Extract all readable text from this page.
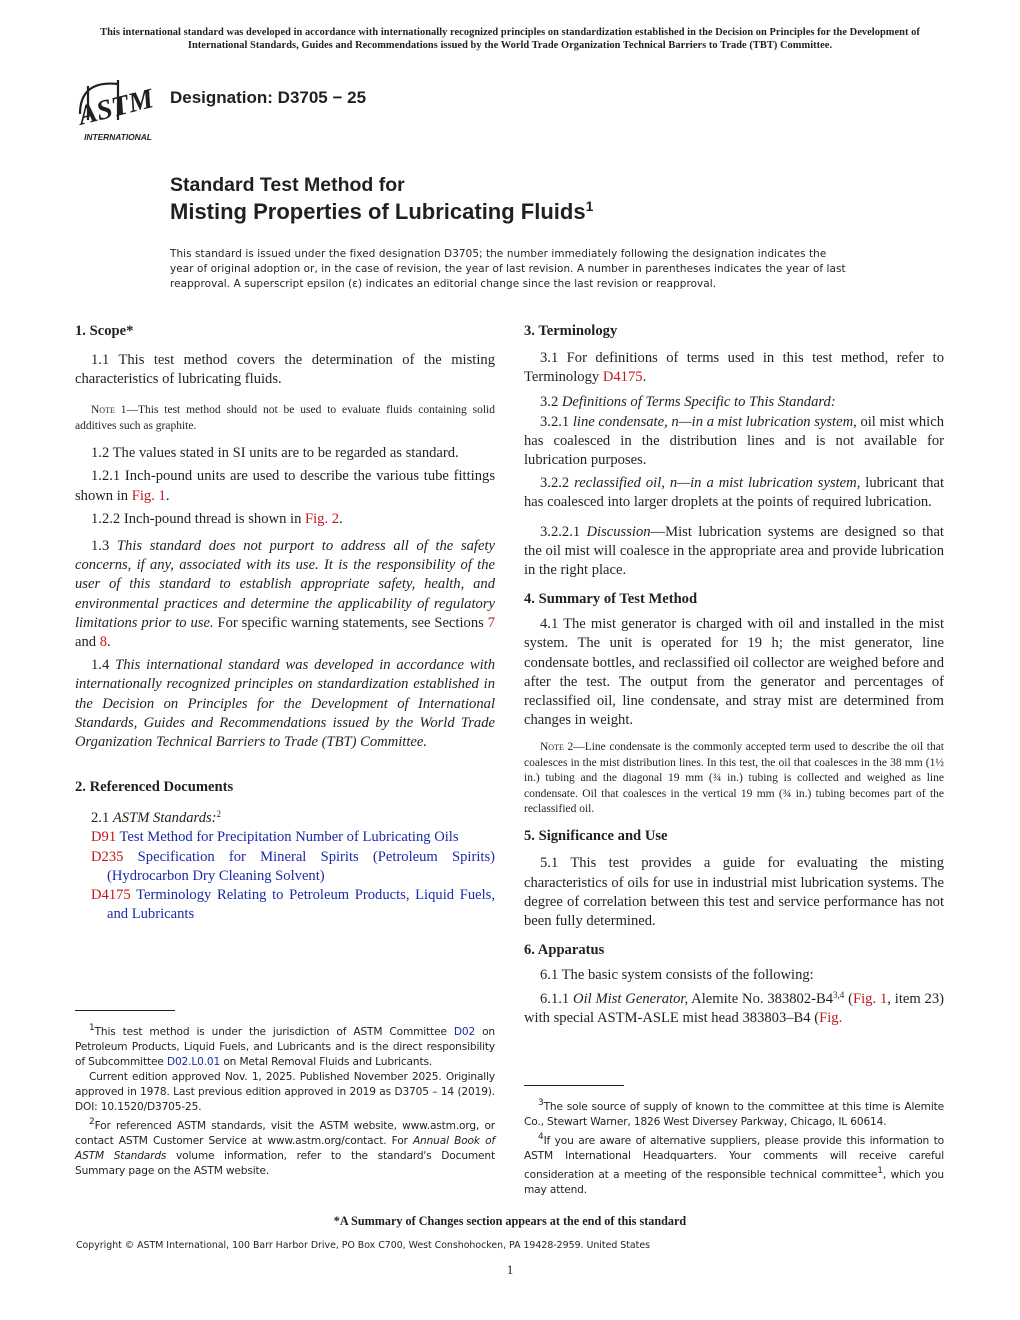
This international standard was developed in accordance with internationally recognized principles on standardization established in the Decision on Principles for the Development of International Standards, Guides and Recommendations issued by the World Trade Organization Technical Barriers to Trade (TBT) Committee.
ASTM
INTERNATIONAL
Designation: D3705 − 25
Standard Test Method for
Misting Properties of Lubricating Fluids$^1$
This standard is issued under the fixed designation D3705; the number immediately following the designation indicates the year of original adoption or, in the case of revision, the year of last revision. A number in parentheses indicates the year of last reapproval. A superscript epsilon (ε) indicates an editorial change since the last revision or reapproval.
1. Scope*

1.1 This test method covers the determination of the misting characteristics of lubricating fluids.

Note 1—This test method should not be used to evaluate fluids containing solid additives such as graphite.

1.2 The values stated in SI units are to be regarded as standard.

1.2.1 Inch-pound units are used to describe the various tube fittings shown in Fig. 1.

1.2.2 Inch-pound thread is shown in Fig. 2.

1.3 This standard does not purport to address all of the safety concerns, if any, associated with its use. It is the responsibility of the user of this standard to establish appropriate safety, health, and environmental practices and determine the applicability of regulatory limitations prior to use. For specific warning statements, see Sections 7 and 8.

1.4 This international standard was developed in accordance with internationally recognized principles on standardization established in the Decision on Principles for the Development of International Standards, Guides and Recommendations issued by the World Trade Organization Technical Barriers to Trade (TBT) Committee.

2. Referenced Documents

2.1 ASTM Standards:$^2$

D91 Test Method for Precipitation Number of Lubricating Oils

D235 Specification for Mineral Spirits (Petroleum Spirits) (Hydrocarbon Dry Cleaning Solvent)

D4175 Terminology Relating to Petroleum Products, Liquid Fuels, and Lubricants

$^1$This test method is under the jurisdiction of ASTM Committee D02 on Petroleum Products, Liquid Fuels, and Lubricants and is the direct responsibility of Subcommittee D02.L0.01 on Metal Removal Fluids and Lubricants.

Current edition approved Nov. 1, 2025. Published November 2025. Originally approved in 1978. Last previous edition approved in 2019 as D3705 – 14 (2019). DOI: 10.1520/D3705-25.

$^2$For referenced ASTM standards, visit the ASTM website, www.astm.org, or contact ASTM Customer Service at www.astm.org/contact. For Annual Book of ASTM Standards volume information, refer to the standard's Document Summary page on the ASTM website.

3. Terminology

3.1 For definitions of terms used in this test method, refer to Terminology D4175.

3.2 Definitions of Terms Specific to This Standard:

3.2.1 line condensate, n—in a mist lubrication system, oil mist which has coalesced in the distribution lines and is not available for lubrication purposes.

3.2.2 reclassified oil, n—in a mist lubrication system, lubricant that has coalesced into larger droplets at the points of required lubrication.

3.2.2.1 Discussion—Mist lubrication systems are designed so that the oil mist will coalesce in the appropriate area and provide lubrication in the right place.

4. Summary of Test Method

4.1 The mist generator is charged with oil and installed in the mist system. The unit is operated for 19 h; the mist generator, line condensate bottles, and reclassified oil collector are weighed before and after the test. The output from the generator and percentages of reclassified oil, line condensate, and stray mist are determined from changes in weight.

Note 2—Line condensate is the commonly accepted term used to describe the oil that coalesces in the mist distribution lines. In this test, the oil that coalesces in the 38 mm (1½ in.) tubing and the diagonal 19 mm (¾ in.) tubing is collected and weighed as line condensate. Oil that coalesces in the vertical 19 mm (¾ in.) tubing becomes part of the reclassified oil.

5. Significance and Use

5.1 This test provides a guide for evaluating the misting characteristics of oils for use in industrial mist lubrication systems. The degree of correlation between this test and service performance has not been fully determined.

6. Apparatus

6.1 The basic system consists of the following:

6.1.1 Oil Mist Generator, Alemite No. 383802-B4$^{3,4}$ (Fig. 1, item 23) with special ASTM-ASLE mist head 383803–B4 (Fig.

$^3$The sole source of supply of known to the committee at this time is Alemite Co., Stewart Warner, 1826 West Diversey Parkway, Chicago, IL 60614.

$^4$If you are aware of alternative suppliers, please provide this information to ASTM International Headquarters. Your comments will receive careful consideration at a meeting of the responsible technical committee$^1$, which you may attend.

*A Summary of Changes section appears at the end of this standard
Copyright © ASTM International, 100 Barr Harbor Drive, PO Box C700, West Conshohocken, PA 19428-2959. United States
1
